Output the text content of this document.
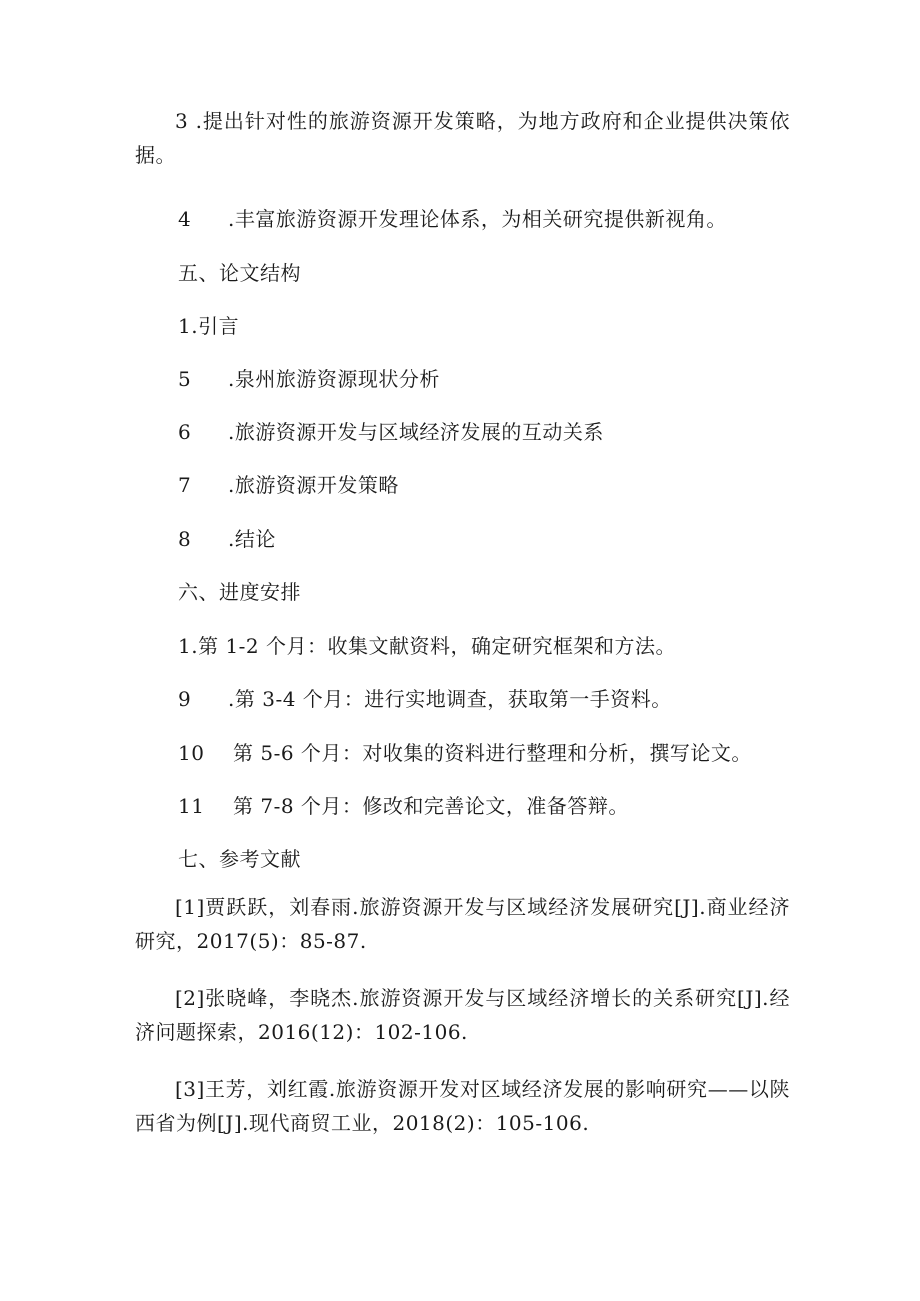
3 .提出针对性的旅游资源开发策略，为地方政府和企业提供决策依据。
4 .丰富旅游资源开发理论体系，为相关研究提供新视角。
五、论文结构
1.引言
5 .泉州旅游资源现状分析
6 .旅游资源开发与区域经济发展的互动关系
7 .旅游资源开发策略
8 .结论
六、进度安排
1.第 1-2 个月：收集文献资料，确定研究框架和方法。
9 .第 3-4 个月：进行实地调查，获取第一手资料。
10 第 5-6 个月：对收集的资料进行整理和分析，撰写论文。
11 第 7-8 个月：修改和完善论文，准备答辩。
七、参考文献
[1]贾跃跃，刘春雨.旅游资源开发与区域经济发展研究[J].商业经济研究，2017(5)：85-87.
[2]张晓峰，李晓杰.旅游资源开发与区域经济增长的关系研究[J].经济问题探索，2016(12)：102-106.
[3]王芳，刘红霞.旅游资源开发对区域经济发展的影响研究——以陕西省为例[J].现代商贸工业，2018(2)：105-106.
